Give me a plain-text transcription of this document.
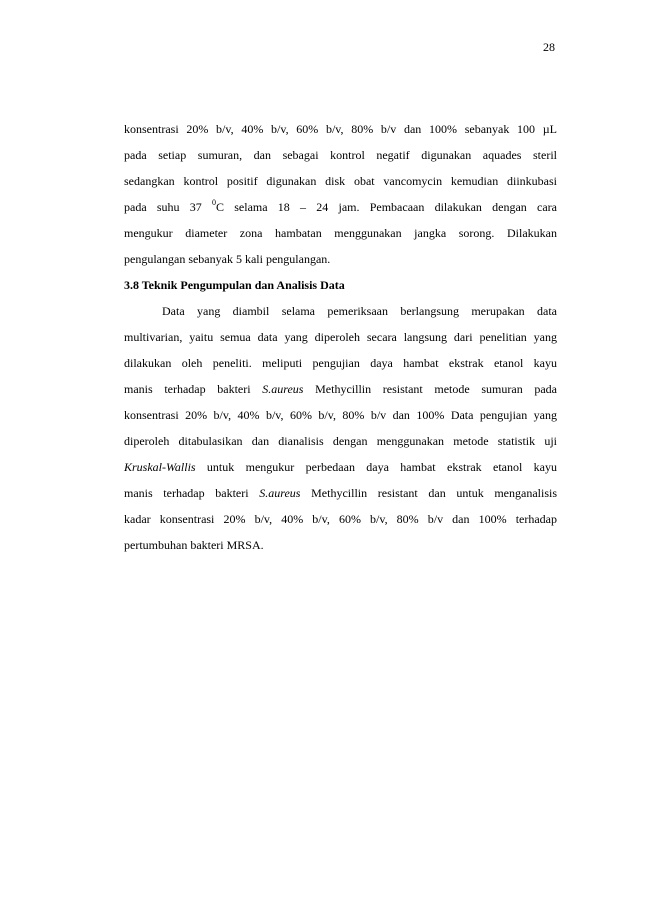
28
konsentrasi 20% b/v, 40% b/v, 60% b/v, 80% b/v dan 100% sebanyak 100 µL
pada setiap sumuran, dan sebagai kontrol negatif digunakan aquades steril
sedangkan kontrol positif digunakan disk obat vancomycin kemudian diinkubasi
pada suhu 37 $^0$C selama 18 – 24 jam. Pembacaan dilakukan dengan cara
mengukur diameter zona hambatan menggunakan jangka sorong. Dilakukan
pengulangan sebanyak 5 kali pengulangan.
3.8 Teknik Pengumpulan dan Analisis Data
Data yang diambil selama pemeriksaan berlangsung merupakan data
multivarian, yaitu semua data yang diperoleh secara langsung dari penelitian yang
dilakukan oleh peneliti. meliputi pengujian daya hambat ekstrak etanol kayu
manis terhadap bakteri S.aureus Methycillin resistant metode sumuran pada
konsentrasi 20% b/v, 40% b/v, 60% b/v, 80% b/v dan 100% Data pengujian yang
diperoleh ditabulasikan dan dianalisis dengan menggunakan metode statistik uji
Kruskal-Wallis untuk mengukur perbedaan daya hambat ekstrak etanol kayu
manis terhadap bakteri S.aureus Methycillin resistant dan untuk menganalisis
kadar konsentrasi 20% b/v, 40% b/v, 60% b/v, 80% b/v dan 100% terhadap
pertumbuhan bakteri MRSA.
